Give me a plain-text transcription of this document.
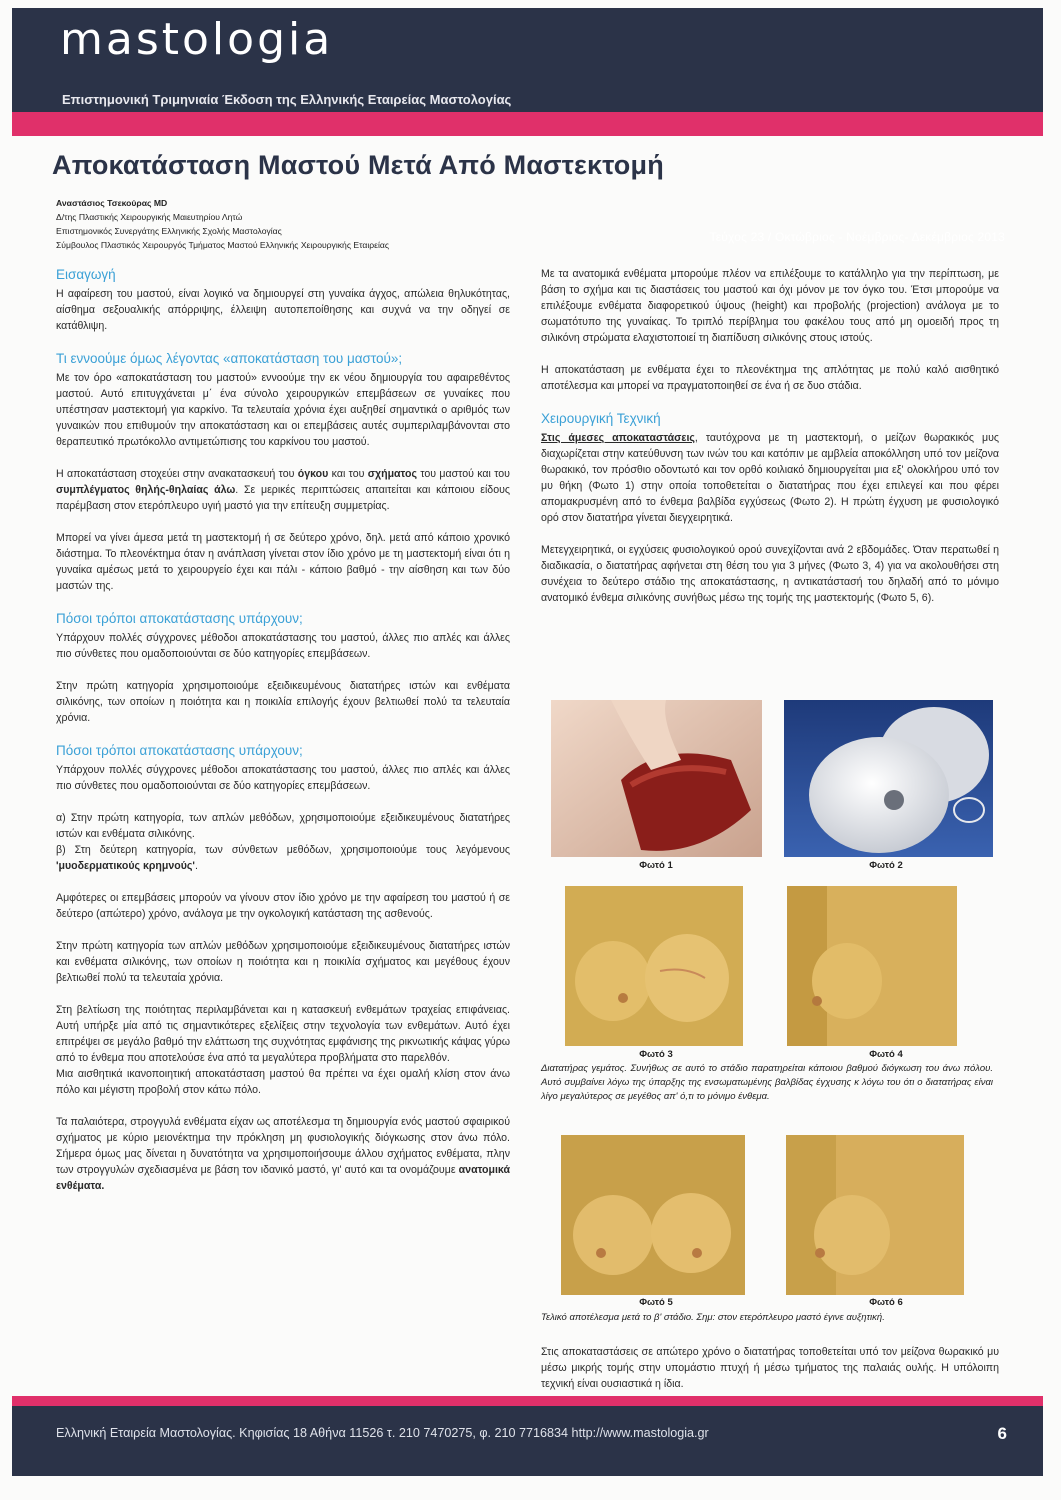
mastologia
Επιστημονική Τριμηνιαία Έκδοση της Ελληνικής Εταιρείας Μαστολογίας
Τεύχος 23 / Οκτώβριος - Νοέμβριος- Δεκέμβριος 2013
Αποκατάσταση Μαστού Μετά Από Μαστεκτομή
Αναστάσιος Τσεκούρας MD
Δ/της Πλαστικής Χειρουργικής Μαιευτηρίου Λητώ
Επιστημονικός Συνεργάτης Ελληνικής Σχολής Μαστολογίας
Σύμβουλος Πλαστικός Χειρουργός Τμήματος Μαστού Ελληνικής Χειρουργικής Εταιρείας
Εισαγωγή

Η αφαίρεση του μαστού, είναι λογικό να δημιουργεί στη γυναίκα άγχος, απώλεια θηλυκότητας, αίσθημα σεξουαλικής απόρριψης, έλλειψη αυτοπεποίθησης και συχνά να την οδηγεί σε κατάθλιψη.

Τι εννοούμε όμως λέγοντας «αποκατάσταση του μαστού»;

Με τον όρο «αποκατάσταση του μαστού» εννοούμε την εκ νέου δημιουργία του αφαιρεθέντος μαστού. Αυτό επιτυγχάνεται μ΄ ένα σύνολο χειρουργικών επεμβάσεων σε γυναίκες που υπέστησαν μαστεκτομή για καρκίνο. Τα τελευταία χρόνια έχει αυξηθεί σημαντικά ο αριθμός των γυναικών που επιθυμούν την αποκατάσταση και οι επεμβάσεις αυτές συμπεριλαμβάνονται στο θεραπευτικό πρωτόκολλο αντιμετώπισης του καρκίνου του μαστού.

Η αποκατάσταση στοχεύει στην ανακατασκευή του όγκου και του σχήματος του μαστού και του συμπλέγματος θηλής-θηλαίας άλω. Σε μερικές περιπτώσεις απαιτείται και κάποιου είδους παρέμβαση στον ετερόπλευρο υγιή μαστό για την επίτευξη συμμετρίας.

Μπορεί να γίνει άμεσα μετά τη μαστεκτομή ή σε δεύτερο χρόνο, δηλ. μετά από κάποιο χρονικό διάστημα. Το πλεονέκτημα όταν η ανάπλαση γίνεται στον ίδιο χρόνο με τη μαστεκτομή είναι ότι η γυναίκα αμέσως μετά το χειρουργείο έχει και πάλι - κάποιο βαθμό - την αίσθηση και των δύο μαστών της.

Πόσοι τρόποι αποκατάστασης υπάρχουν;

Υπάρχουν πολλές σύγχρονες μέθοδοι αποκατάστασης του μαστού, άλλες πιο απλές και άλλες πιο σύνθετες που ομαδοποιούνται σε δύο κατηγορίες επεμβάσεων.

Στην πρώτη κατηγορία χρησιμοποιούμε εξειδικευμένους διατατήρες ιστών και ενθέματα σιλικόνης, των οποίων η ποιότητα και η ποικιλία επιλογής έχουν βελτιωθεί πολύ τα τελευταία χρόνια.

Πόσοι τρόποι αποκατάστασης υπάρχουν;

Υπάρχουν πολλές σύγχρονες μέθοδοι αποκατάστασης του μαστού, άλλες πιο απλές και άλλες πιο σύνθετες που ομαδοποιούνται σε δύο κατηγορίες επεμβάσεων.

α) Στην πρώτη κατηγορία, των απλών μεθόδων, χρησιμοποιούμε εξειδικευμένους διατατήρες ιστών και ενθέματα σιλικόνης.
β) Στη δεύτερη κατηγορία, των σύνθετων μεθόδων, χρησιμοποιούμε τους λεγόμενους 'μυοδερματικούς κρημνούς'.

Αμφότερες οι επεμβάσεις μπορούν να γίνουν στον ίδιο χρόνο με την αφαίρεση του μαστού ή σε δεύτερο (απώτερο) χρόνο, ανάλογα με την ογκολογική κατάσταση της ασθενούς.

Στην πρώτη κατηγορία των απλών μεθόδων χρησιμοποιούμε εξειδικευμένους διατατήρες ιστών και ενθέματα σιλικόνης, των οποίων η ποιότητα και η ποικιλία σχήματος και μεγέθους έχουν βελτιωθεί πολύ τα τελευταία χρόνια.

Στη βελτίωση της ποιότητας περιλαμβάνεται και η κατασκευή ενθεμάτων τραχείας επιφάνειας. Αυτή υπήρξε μία από τις σημαντικότερες εξελίξεις στην τεχνολογία των ενθεμάτων. Αυτό έχει επιτρέψει σε μεγάλο βαθμό την ελάττωση της συχνότητας εμφάνισης της ρικνωτικής κάψας γύρω από το ένθεμα που αποτελούσε ένα από τα μεγαλύτερα προβλήματα στο παρελθόν.
Μια αισθητικά ικανοποιητική αποκατάσταση μαστού θα πρέπει να έχει ομαλή κλίση στον άνω πόλο και μέγιστη προβολή στον κάτω πόλο.

Τα παλαιότερα, στρογγυλά ενθέματα είχαν ως αποτέλεσμα τη δημιουργία ενός μαστού σφαιρικού σχήματος με κύριο μειονέκτημα την πρόκληση μη φυσιολογικής διόγκωσης στον άνω πόλο. Σήμερα όμως μας δίνεται η δυνατότητα να χρησιμοποιήσουμε άλλου σχήματος ενθέματα, πλην των στρογγυλών σχεδιασμένα με βάση τον ιδανικό μαστό, γι' αυτό και τα ονομάζουμε ανατομικά ενθέματα.

Με τα ανατομικά ενθέματα μπορούμε πλέον να επιλέξουμε το κατάλληλο για την περίπτωση, με βάση το σχήμα και τις διαστάσεις του μαστού και όχι μόνον με τον όγκο του. Έτσι μπορούμε να επιλέξουμε ενθέματα διαφορετικού ύψους (height) και προβολής (projection) ανάλογα με το σωματότυπο της γυναίκας. Το τριπλό περίβλημα του φακέλου τους από μη ομοειδή προς τη σιλικόνη στρώματα ελαχιστοποιεί τη διαπίδυση σιλικόνης στους ιστούς.

Η αποκατάσταση με ενθέματα έχει το πλεονέκτημα της απλότητας με πολύ καλό αισθητικό αποτέλεσμα και μπορεί να πραγματοποιηθεί σε ένα ή σε δυο στάδια.

Χειρουργική Τεχνική

Στις άμεσες αποκαταστάσεις, ταυτόχρονα με τη μαστεκτομή, ο μείζων θωρακικός μυς διαχωρίζεται στην κατεύθυνση των ινών του και κατόπιν με αμβλεία αποκόλληση υπό τον μείζονα θωρακικό, τον πρόσθιο οδοντωτό και τον ορθό κοιλιακό δημιουργείται μια εξ' ολοκλήρου υπό τον μυ θήκη (Φωτο 1) στην οποία τοποθετείται ο διατατήρας που έχει επιλεγεί και που φέρει απομακρυσμένη από το ένθεμα βαλβίδα εγχύσεως (Φωτο 2). Η πρώτη έγχυση με φυσιολογικό ορό στον διατατήρα γίνεται διεγχειρητικά.

Μετεγχειρητικά, οι εγχύσεις φυσιολογικού ορού συνεχίζονται ανά 2 εβδομάδες. Όταν περατωθεί η διαδικασία, ο διατατήρας αφήνεται στη θέση του για 3 μήνες (Φωτο 3, 4) για να ακολουθήσει στη συνέχεια το δεύτερο στάδιο της αποκατάστασης, η αντικατάστασή του δηλαδή από το μόνιμο ανατομικό ένθεμα σιλικόνης συνήθως μέσω της τομής της μαστεκτομής (Φωτο 5, 6).

Φωτό 1	Φωτό 2
Φωτό 3	Φωτό 4
Διατατήρας γεμάτος. Συνήθως σε αυτό το στάδιο παρατηρείται κάποιου βαθμού διόγκωση του άνω πόλου. Αυτό συμβαίνει λόγω της ύπαρξης της ενσωματωμένης βαλβίδας έγχυσης κ λόγω του ότι ο διατατήρας είναι λίγο μεγαλύτερος σε μεγέθος απ' ό,τι το μόνιμο ένθεμα.
Φωτό 5	Φωτό 6
Τελικό αποτέλεσμα μετά το β' στάδιο. Σημ: στον ετερόπλευρο μαστό έγινε αυξητική.

Στις αποκαταστάσεις σε απώτερο χρόνο ο διατατήρας τοποθετείται υπό τον μείζονα θωρακικό μυ μέσω μικρής τομής στην υπομάστιο πτυχή ή μέσω τμήματος της παλαιάς ουλής. Η υπόλοιπη τεχνική είναι ουσιαστικά η ίδια.

Ελληνική Εταιρεία Μαστολογίας. Κηφισίας 18 Αθήνα 11526 τ. 210 7470275, φ. 210 7716834 http://www.mastologia.gr	6
